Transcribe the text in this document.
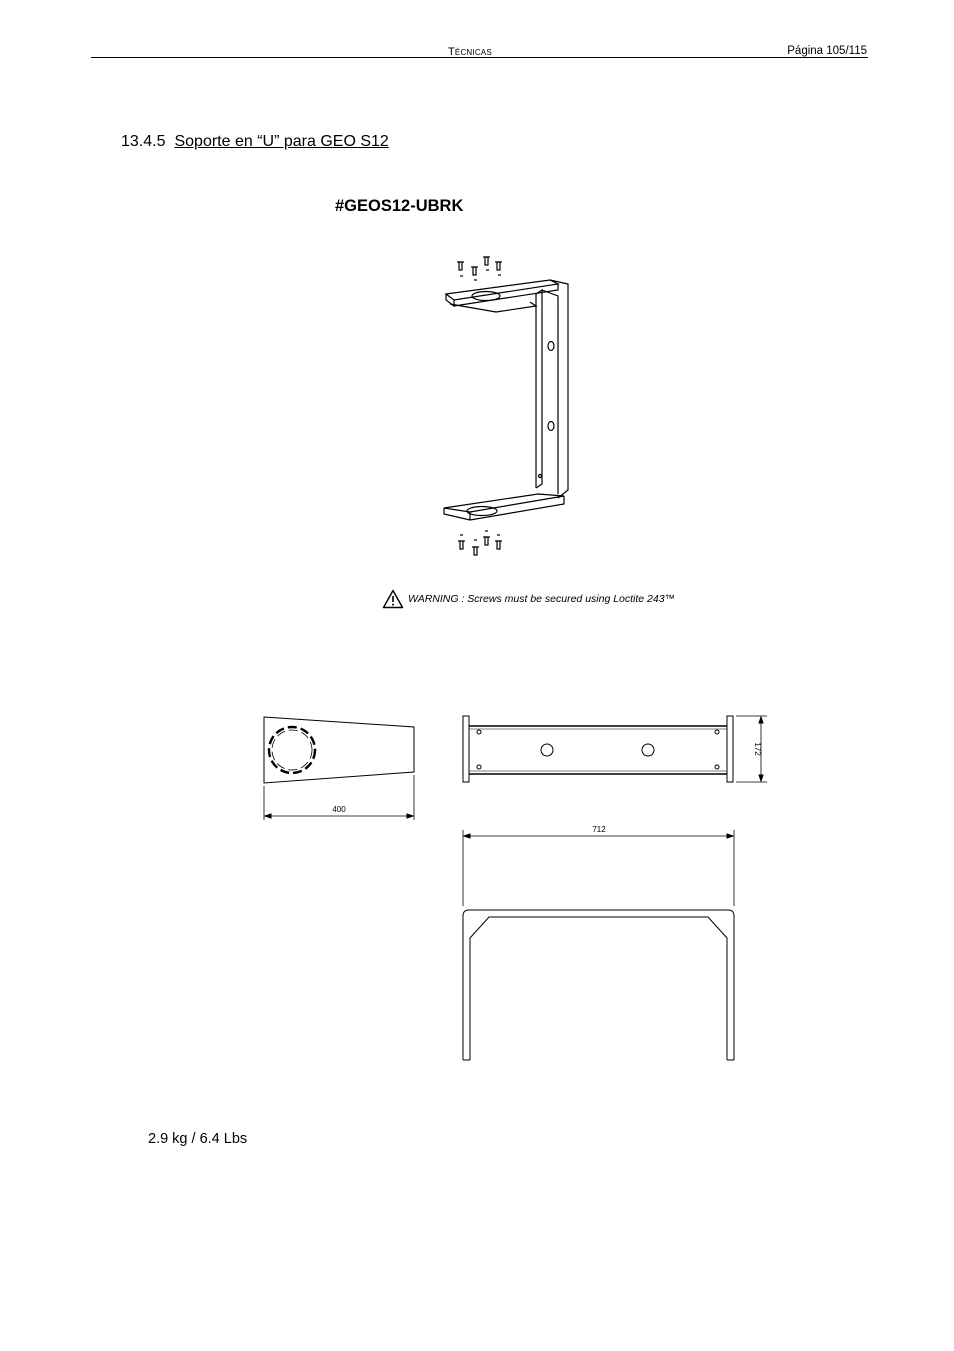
Técnicas	Página 105/115
13.4.5 Soporte en “U” para GEO S12
#GEOS12-UBRK
WARNING : Screws must be secured using Loctite 243™
400
172
712
2.9 kg / 6.4 Lbs
